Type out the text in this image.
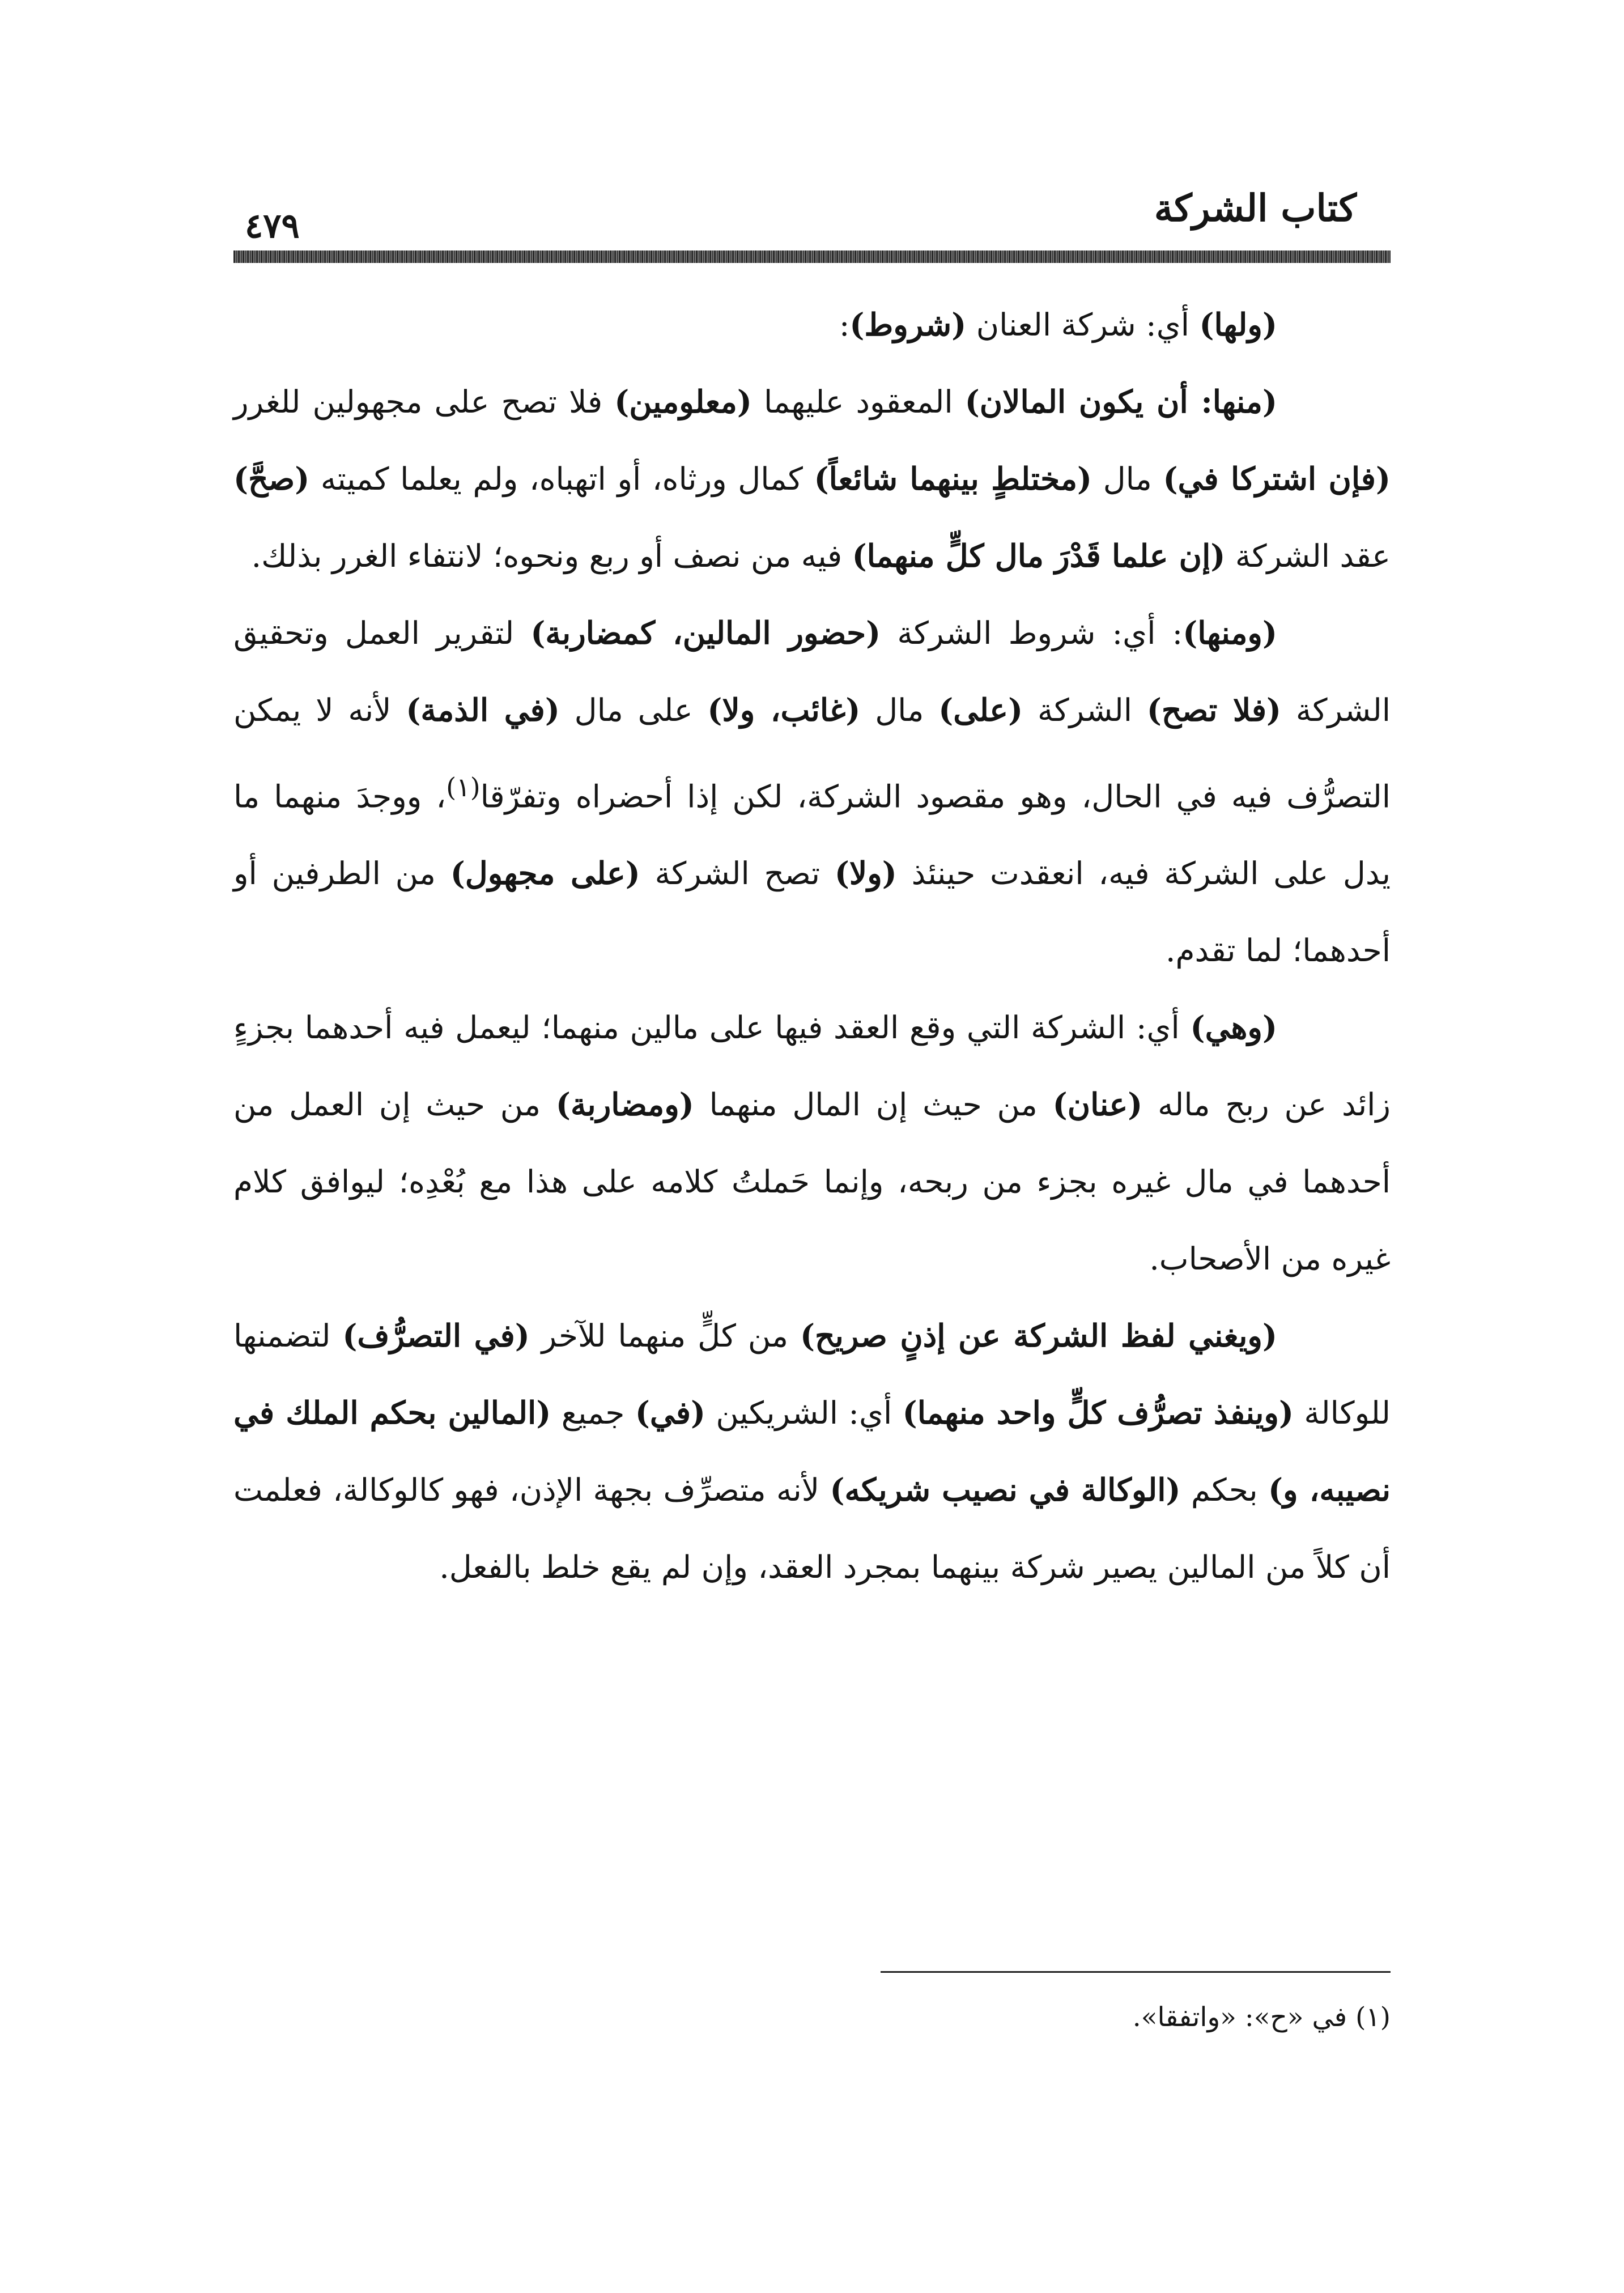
كتاب الشركة
٤٧٩

(ولها) أي: شركة العنان (شروط):

(منها: أن يكون المالان) المعقود عليهما (معلومين) فلا تصح على مجهولين للغرر (فإن اشتركا في) مال (مختلطٍ بينهما شائعاً) كمال ورثاه، أو اتهباه، ولم يعلما كميته (صحَّ) عقد الشركة (إن علما قَدْرَ مال كلٍّ منهما) فيه من نصف أو ربع ونحوه؛ لانتفاء الغرر بذلك.

(ومنها): أي: شروط الشركة (حضور المالين، كمضاربة) لتقرير العمل وتحقيق الشركة (فلا تصح) الشركة (على) مال (غائب، ولا) على مال (في الذمة) لأنه لا يمكن التصرُّف فيه في الحال، وهو مقصود الشركة، لكن إذا أحضراه وتفرّقا$^{(١)}$، ووجدَ منهما ما يدل على الشركة فيه، انعقدت حينئذ (ولا) تصح الشركة (على مجهول) من الطرفين أو أحدهما؛ لما تقدم.

(وهي) أي: الشركة التي وقع العقد فيها على مالين منهما؛ ليعمل فيه أحدهما بجزءٍ زائد عن ربح ماله (عنان) من حيث إن المال منهما (ومضاربة) من حيث إن العمل من أحدهما في مال غيره بجزء من ربحه، وإنما حَملتُ كلامه على هذا مع بُعْدِه؛ ليوافق كلام غيره من الأصحاب.

(ويغني لفظ الشركة عن إذنٍ صريح) من كلٍّ منهما للآخر (في التصرُّف) لتضمنها للوكالة (وينفذ تصرُّف كلٍّ واحد منهما) أي: الشريكين (في) جميع (المالين بحكم الملك في نصيبه، و) بحكم (الوكالة في نصيب شريكه) لأنه متصرِّف بجهة الإذن، فهو كالوكالة، فعلمت أن كلاً من المالين يصير شركة بينهما بمجرد العقد، وإن لم يقع خلط بالفعل.

(١) في «ح»: «واتفقا».
